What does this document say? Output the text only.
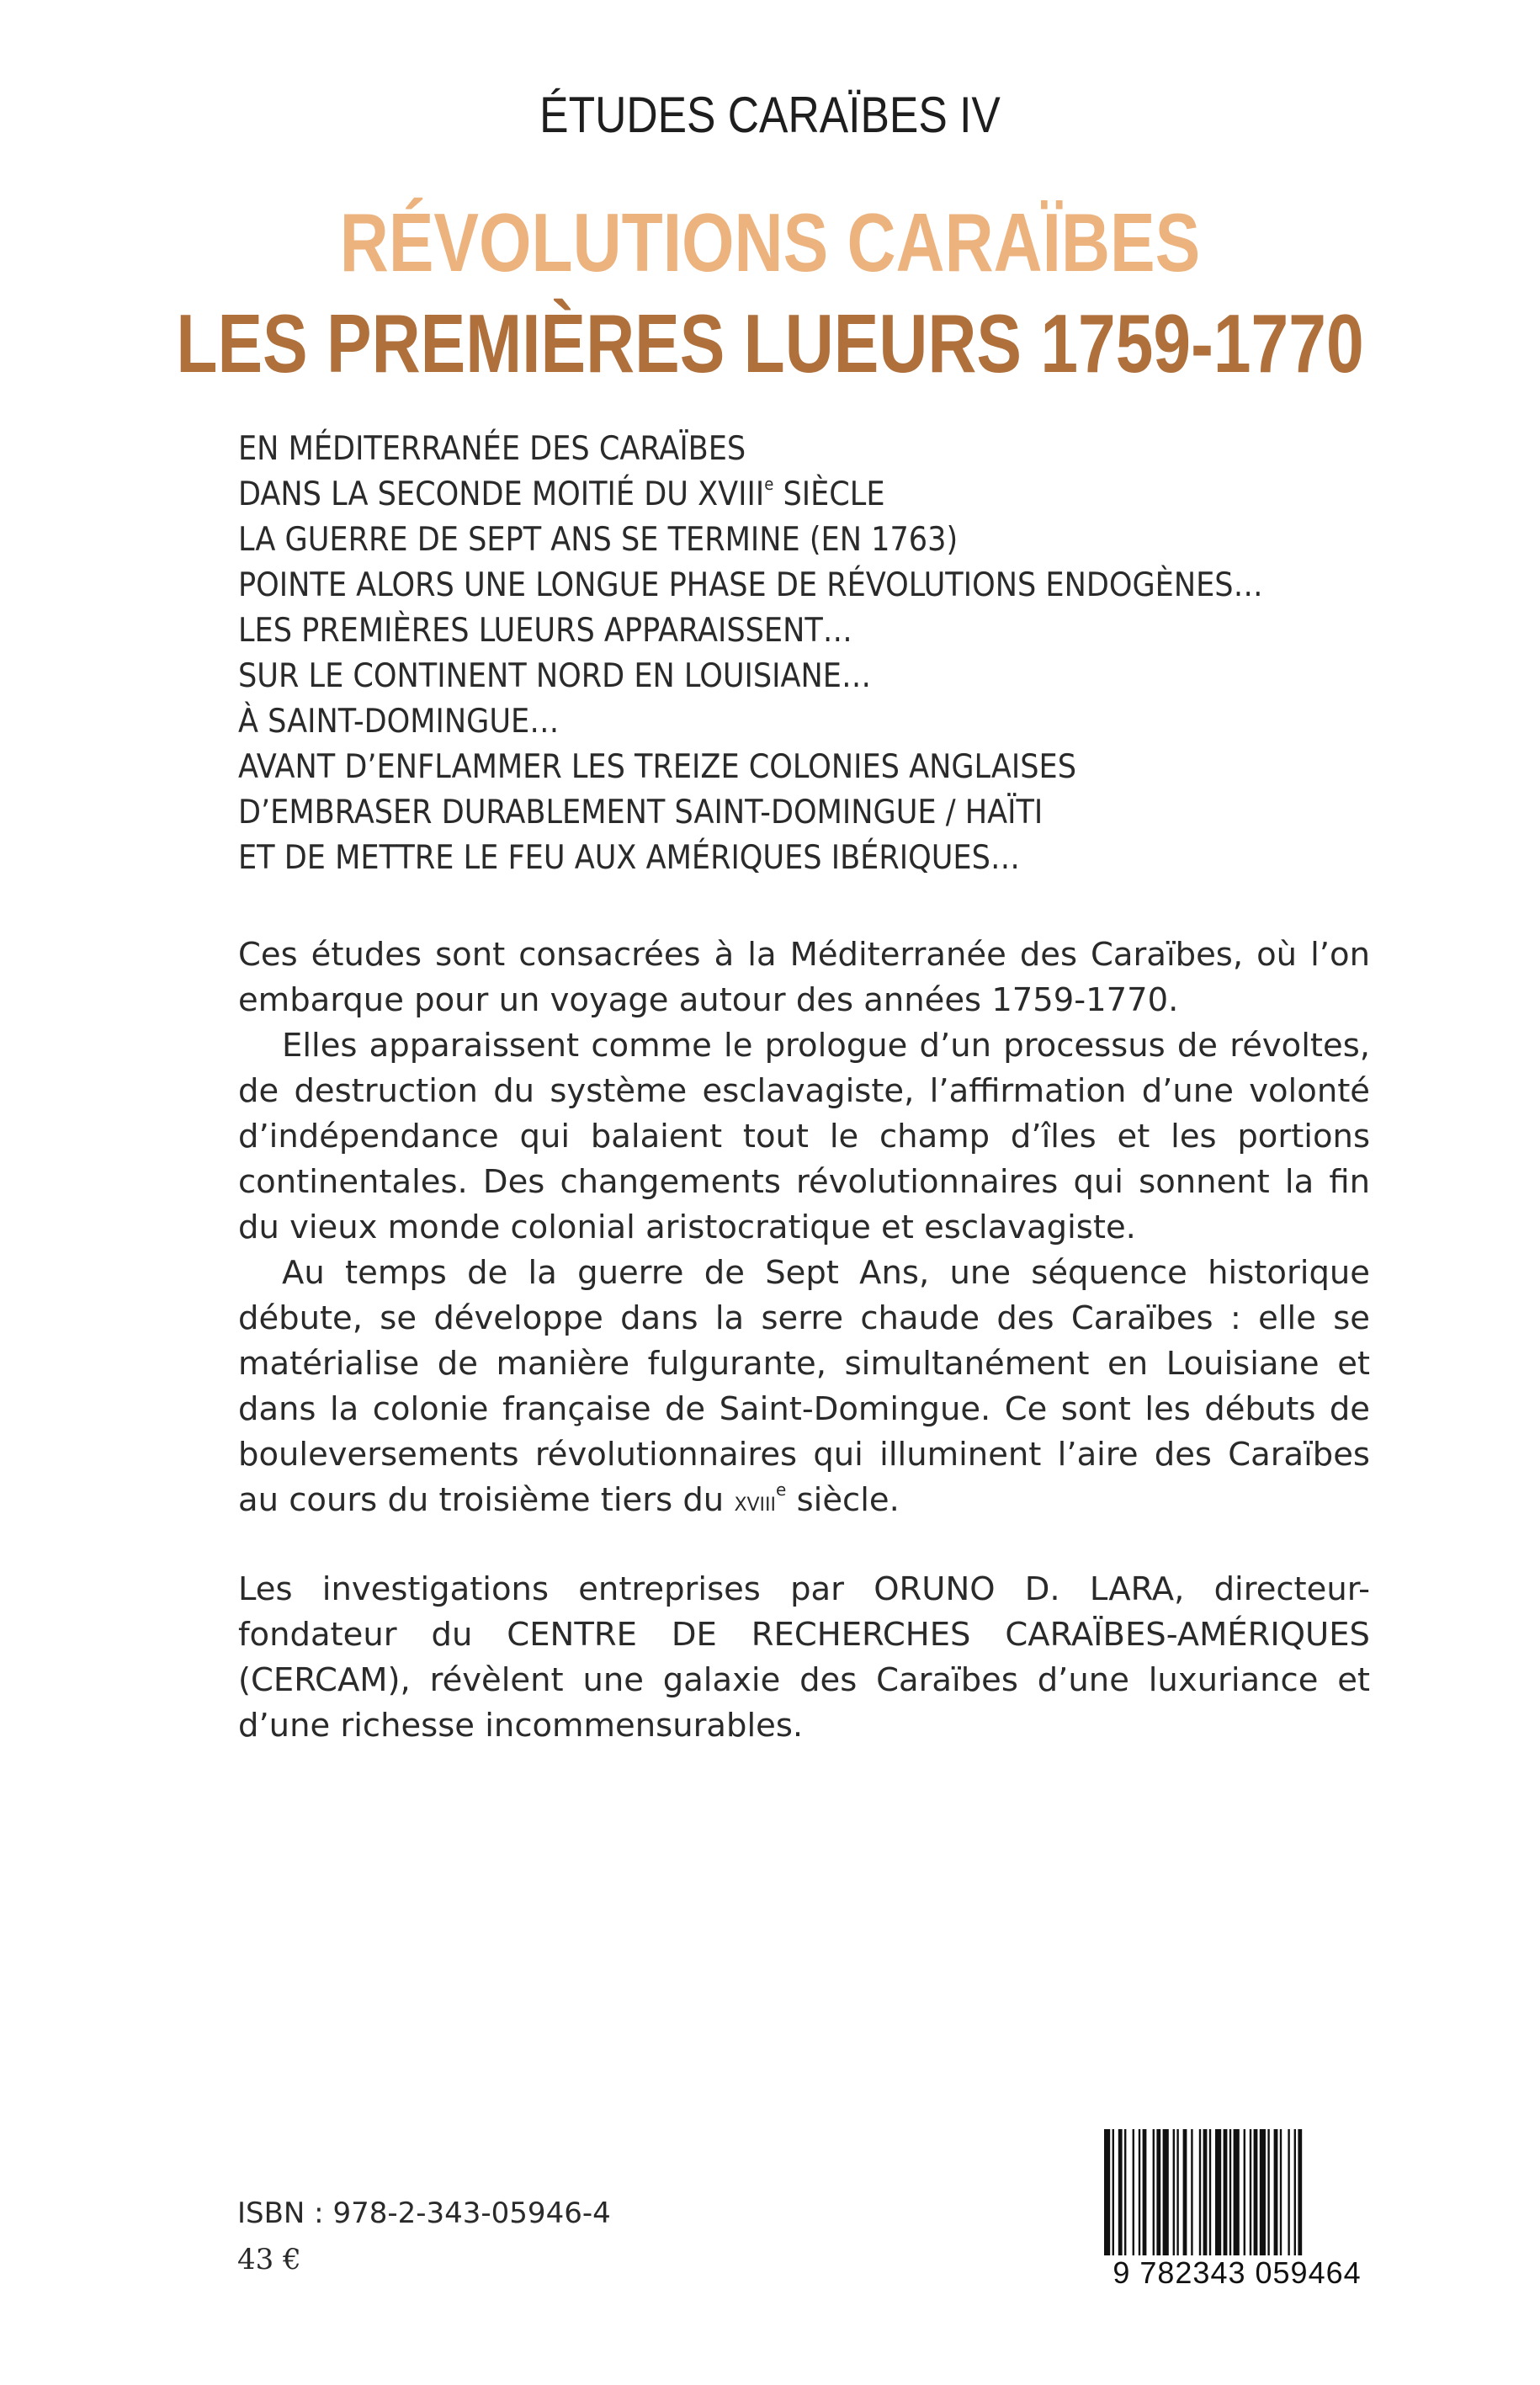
ÉTUDES CARAÏBES IV
RÉVOLUTIONS CARAÏBES
LES PREMIÈRES LUEURS 1759-1770
EN MÉDITERRANÉE DES CARAÏBES
DANS LA SECONDE MOITIÉ DU XVIIIe SIÈCLE
LA GUERRE DE SEPT ANS SE TERMINE (EN 1763)
POINTE ALORS UNE LONGUE PHASE DE RÉVOLUTIONS ENDOGÈNES…
LES PREMIÈRES LUEURS APPARAISSENT…
SUR LE CONTINENT NORD EN LOUISIANE…
À SAINT-DOMINGUE…
AVANT D’ENFLAMMER LES TREIZE COLONIES ANGLAISES
D’EMBRASER DURABLEMENT SAINT-DOMINGUE / HAÏTI
ET DE METTRE LE FEU AUX AMÉRIQUES IBÉRIQUES…

Ces études sont consacrées à la Méditerranée des Caraïbes, où l’on embarque pour un voyage autour des années 1759-1770.

Elles apparaissent comme le prologue d’un processus de révoltes, de destruction du système esclavagiste, l’affirmation d’une volonté d’indépendance qui balaient tout le champ d’îles et les portions continentales. Des changements révolutionnaires qui sonnent la fin du vieux monde colonial aristocratique et esclavagiste.

Au temps de la guerre de Sept Ans, une séquence historique débute, se développe dans la serre chaude des Caraïbes : elle se matérialise de manière fulgurante, simultanément en Louisiane et dans la colonie française de Saint-Domingue. Ce sont les débuts de bouleversements révolutionnaires qui illuminent l’aire des Caraïbes au cours du troisième tiers du xviii$^e$ siècle.

Les investigations entreprises par ORUNO D. LARA, directeur-fondateur du CENTRE DE RECHERCHES CARAÏBES-AMÉRIQUES (CERCAM), révèlent une galaxie des Caraïbes d’une luxuriance et d’une richesse incommensurables.

ISBN : 978-2-343-05946-4
43 €	9 782343 059464
